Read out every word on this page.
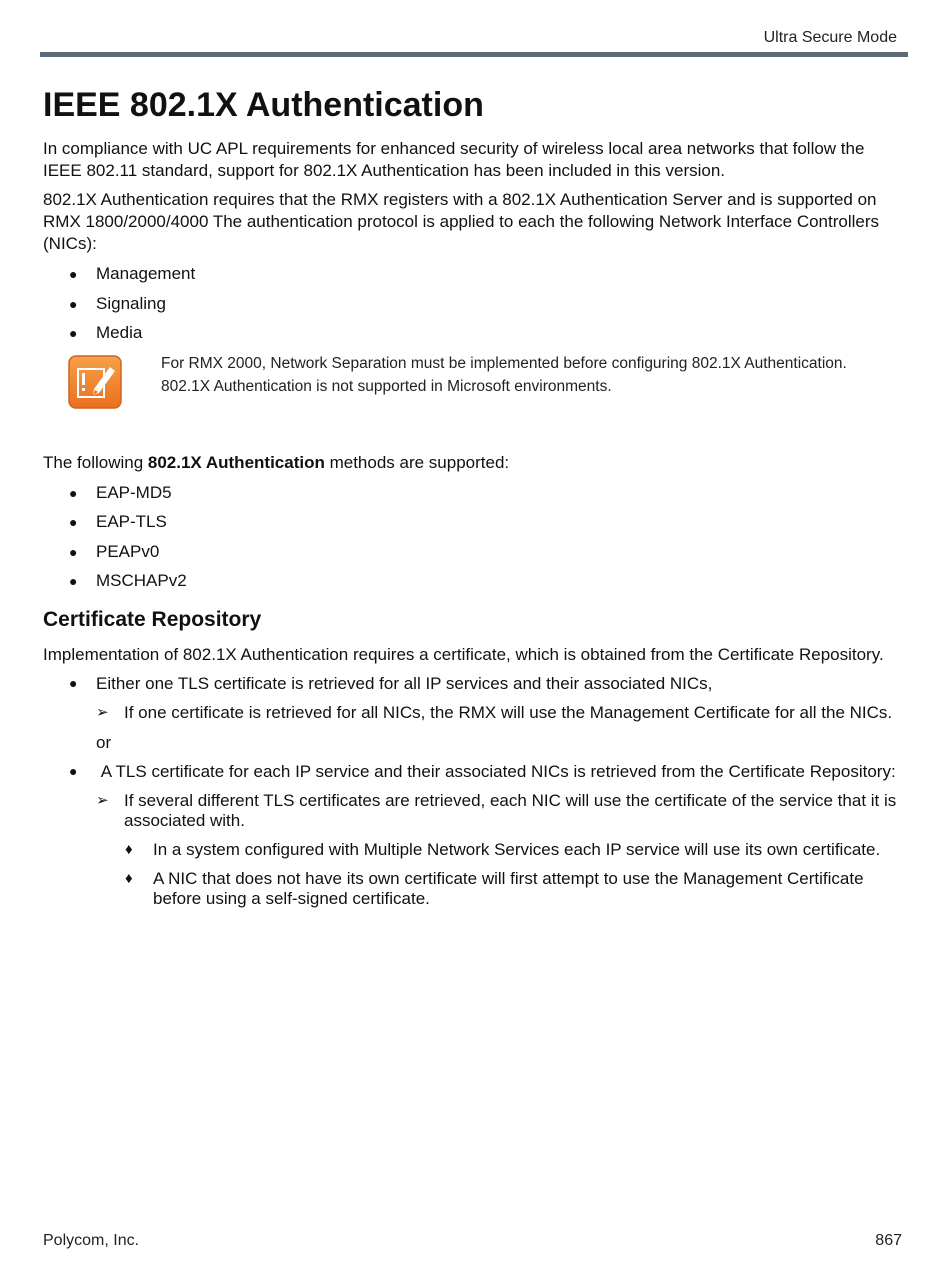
Ultra Secure Mode
IEEE 802.1X Authentication

In compliance with UC APL requirements for enhanced security of wireless local area networks that follow the IEEE 802.11 standard, support for 802.1X Authentication has been included in this version.

802.1X Authentication requires that the RMX registers with a 802.1X Authentication Server and is supported on RMX 1800/2000/4000 The authentication protocol is applied to each the following Network Interface Controllers (NICs):

● Management
● Signaling
● Media
For RMX 2000, Network Separation must be implemented before configuring 802.1X Authentication.
802.1X Authentication is not supported in Microsoft environments.

The following 802.1X Authentication methods are supported:

● EAP-MD5
● EAP-TLS
● PEAPv0
● MSCHAPv2
Certificate Repository

Implementation of 802.1X Authentication requires a certificate, which is obtained from the Certificate Repository.

● Either one TLS certificate is retrieved for all IP services and their associated NICs,
➢ If one certificate is retrieved for all NICs, the RMX will use the Management Certificate for all the NICs.
or
● A TLS certificate for each IP service and their associated NICs is retrieved from the Certificate Repository:
➢ If several different TLS certificates are retrieved, each NIC will use the certificate of the service that it is associated with.
♦ In a system configured with Multiple Network Services each IP service will use its own certificate.
♦ A NIC that does not have its own certificate will first attempt to use the Management Certificate before using a self-signed certificate.
Polycom, Inc.	867
